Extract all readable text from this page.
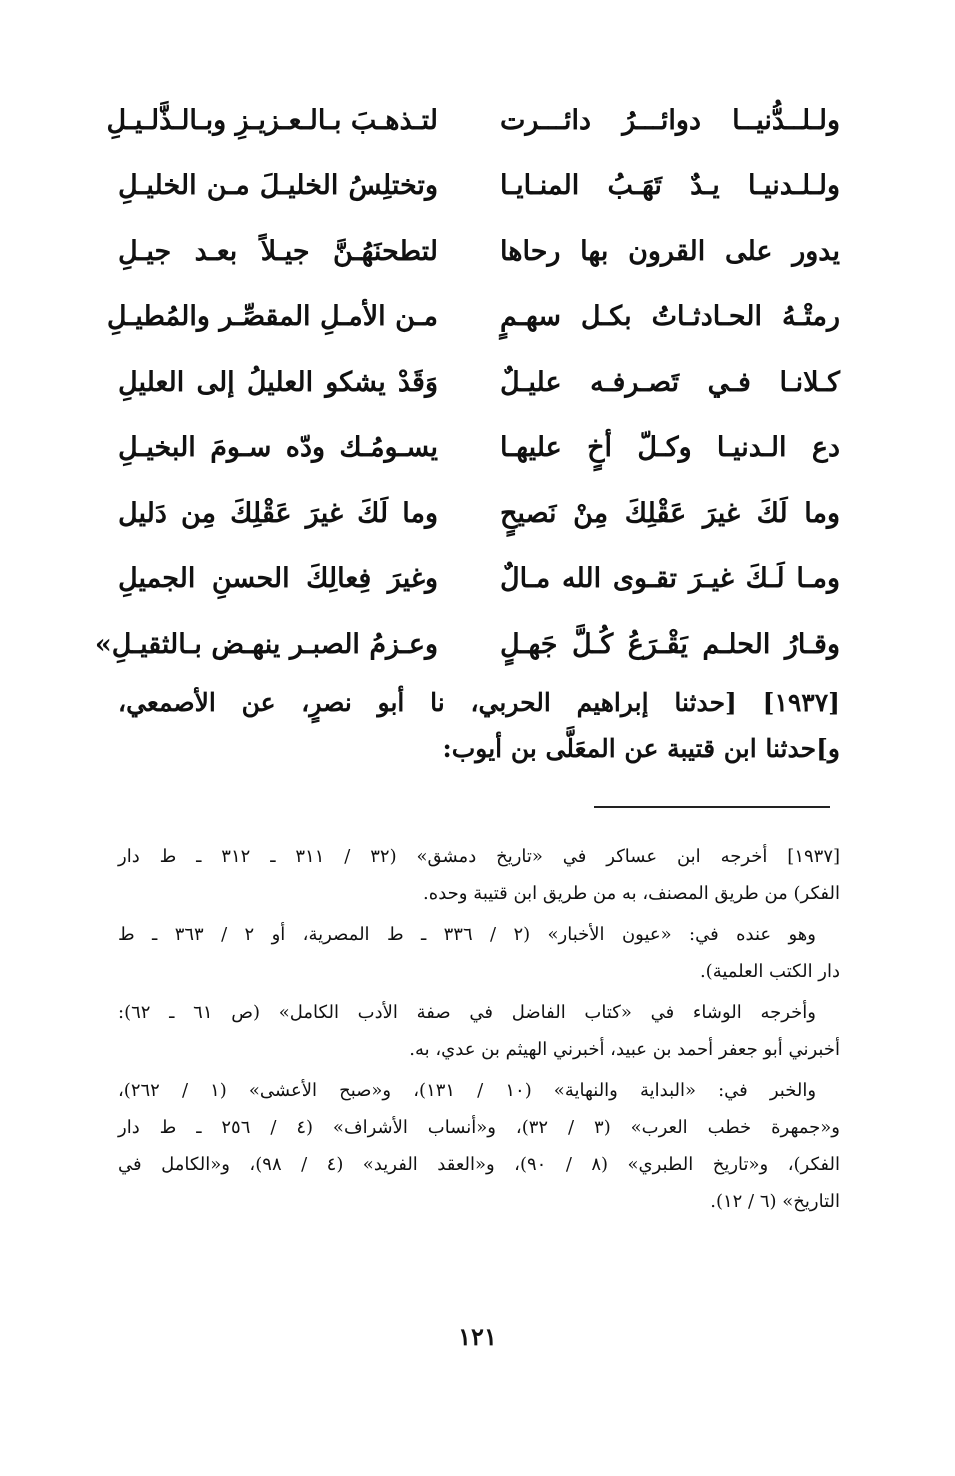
ولـلــدُّنيــا دوائـــرُ دائـــرت
لتـذهـبَ بـالـعـزيـزِ وبـالـذَّلـيـلِ
ولـلـدنيـا يـدٌ تَهَـبُ المنـايـا
وتختلِسُ الخليـلَ مـن الخليـلِ
يدور على القرون بها رحاها
لتطحنَهُـنَّ جيـلاً بعـد جيـلِ
رمتْـهُ الحـادثـاتُ بكـل سهـمٍ
مـن الأمـلِ المقصِّـر والمُطيـلِ
كـلانـا فـي تَصـرفـه عليـلٌ
وَقَدْ يشكو العليلُ إلى العليلِ
دع الـدنيـا وكـلّ أخٍ عليهـا
يسـومُـك ودّه سـومَ البخيـلِ
وما لَكَ غيرَ عَقْلِكَ مِنْ نَصيحٍ
وما لَكَ غيرَ عَقْلِكَ مِن دَليل
ومـا لَـكَ غيـرَ تقـوى الله مـالٌ
وغيرَ فِعالِكَ الحسنِ الجميلِ
وقـارُ الحلـم يَقْـرَعُ كُـلَّ جَهـلٍ
وعـزمُ الصبـر ينهـض بـالثقيـلِ»
[١٩٣٧] [حدثنا إبراهيم الحربي، نا أبو نصرٍ، عن الأصمعي،
و]حدثنا ابن قتيبة عن المعَلَّى بن أيوب:
[١٩٣٧] أخرجه ابن عساكر في «تاريخ دمشق» (٣٢ / ٣١١ ـ ٣١٢ ـ ط دار
الفكر) من طريق المصنف، به من طريق ابن قتيبة وحده.
وهو عنده في: «عيون الأخبار» (٢ / ٣٣٦ ـ ط المصرية، أو ٢ / ٣٦٣ ـ ط
دار الكتب العلمية).
وأخرجه الوشاء في «كتاب الفاضل في صفة الأدب الكامل» (ص ٦١ ـ ٦٢):
أخبرني أبو جعفر أحمد بن عبيد، أخبرني الهيثم بن عدي، به.
والخبر في: «البداية والنهاية» (١٠ / ١٣١)، و«صبح الأعشى» (١ / ٢٦٢)،
و«جمهرة خطب العرب» (٣ / ٣٢)، و«أنساب الأشراف» (٤ / ٢٥٦ ـ ط دار
الفكر)، و«تاريخ الطبري» (٨ / ٩٠)، و«العقد الفريد» (٤ / ٩٨)، و«الكامل في
التاريخ» (٦ / ١٢).
١٢١
